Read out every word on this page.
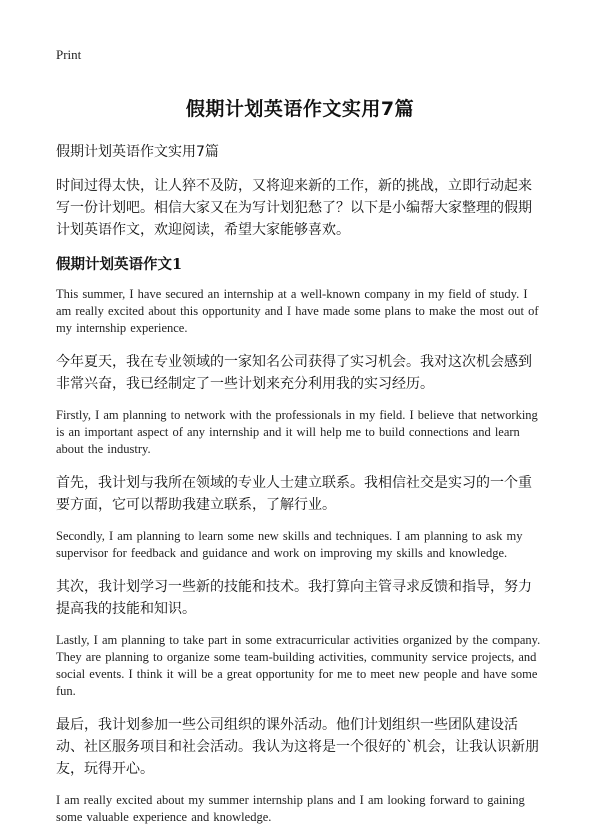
Print
假期计划英语作文实用7篇
假期计划英语作文实用7篇

时间过得太快，让人猝不及防，又将迎来新的工作，新的挑战，立即行动起来写一份计划吧。相信大家又在为写计划犯愁了？以下是小编帮大家整理的假期计划英语作文，欢迎阅读，希望大家能够喜欢。

假期计划英语作文1

This summer, I have secured an internship at a well-known company in my field of study. I am really excited about this opportunity and I have made some plans to make the most out of my internship experience.

今年夏天，我在专业领域的一家知名公司获得了实习机会。我对这次机会感到非常兴奋，我已经制定了一些计划来充分利用我的实习经历。

Firstly, I am planning to network with the professionals in my field. I believe that networking is an important aspect of any internship and it will help me to build connections and learn about the industry.

首先，我计划与我所在领域的专业人士建立联系。我相信社交是实习的一个重要方面，它可以帮助我建立联系，了解行业。

Secondly, I am planning to learn some new skills and techniques. I am planning to ask my supervisor for feedback and guidance and work on improving my skills and knowledge.

其次，我计划学习一些新的技能和技术。我打算向主管寻求反馈和指导，努力提高我的技能和知识。

Lastly, I am planning to take part in some extracurricular activities organized by the company. They are planning to organize some team-building activities, community service projects, and social events. I think it will be a great opportunity for me to meet new people and have some fun.

最后，我计划参加一些公司组织的课外活动。他们计划组织一些团队建设活动、社区服务项目和社会活动。我认为这将是一个很好的`机会，让我认识新朋友，玩得开心。

I am really excited about my summer internship plans and I am looking forward to gaining some valuable experience and knowledge.
